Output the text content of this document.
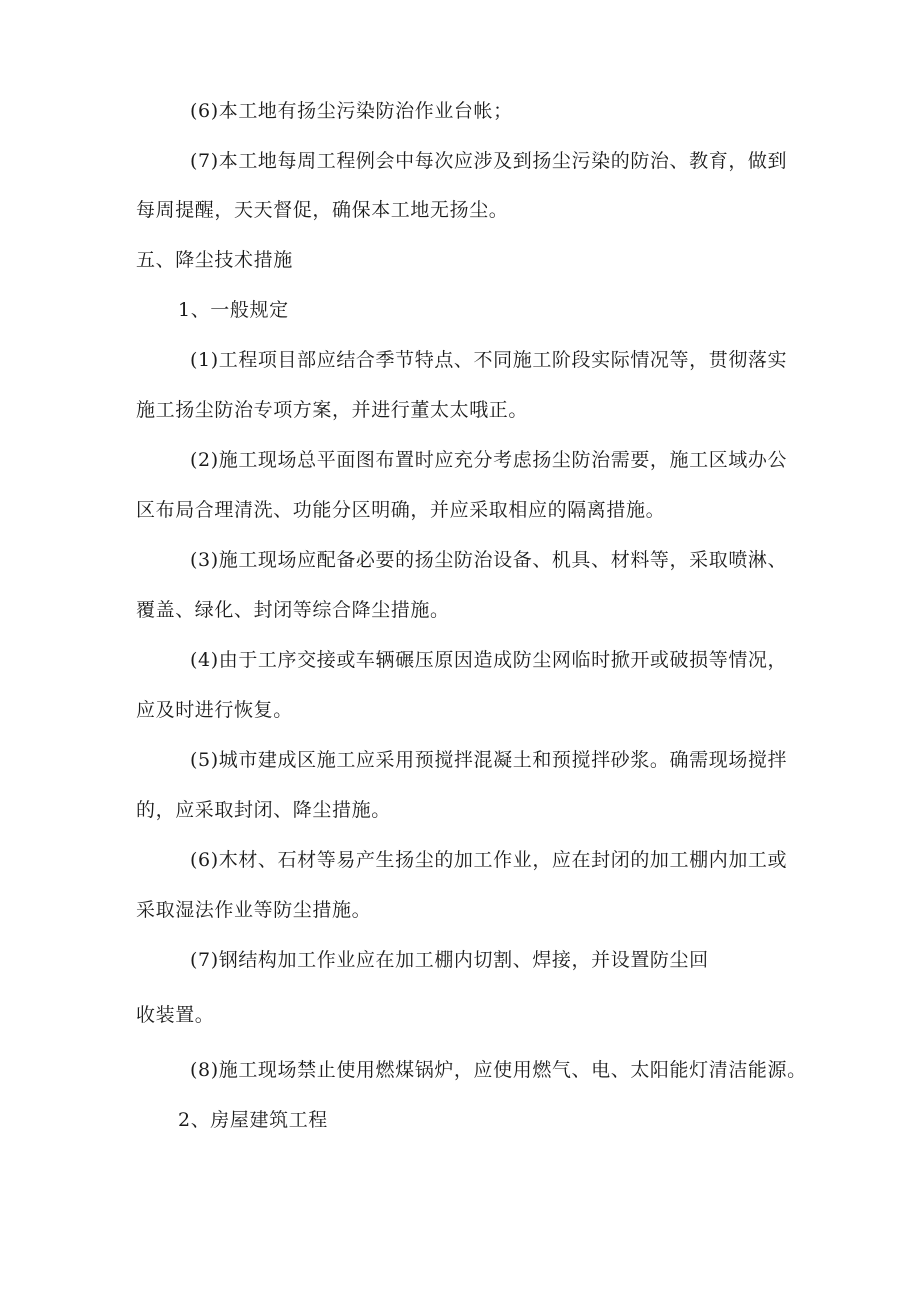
(6)本工地有扬尘污染防治作业台帐；
(7)本工地每周工程例会中每次应涉及到扬尘污染的防治、教育，做到
每周提醒，天天督促，确保本工地无扬尘。
五、降尘技术措施
1、一般规定
(1)工程项目部应结合季节特点、不同施工阶段实际情况等，贯彻落实
施工扬尘防治专项方案，并进行董太太哦正。
(2)施工现场总平面图布置时应充分考虑扬尘防治需要，施工区域办公
区布局合理清洗、功能分区明确，并应采取相应的隔离措施。
(3)施工现场应配备必要的扬尘防治设备、机具、材料等，采取喷淋、
覆盖、绿化、封闭等综合降尘措施。
(4)由于工序交接或车辆碾压原因造成防尘网临时掀开或破损等情况，
应及时进行恢复。
(5)城市建成区施工应采用预搅拌混凝土和预搅拌砂浆。确需现场搅拌
的，应采取封闭、降尘措施。
(6)木材、石材等易产生扬尘的加工作业，应在封闭的加工棚内加工或
采取湿法作业等防尘措施。
(7)钢结构加工作业应在加工棚内切割、焊接，并设置防尘回
收装置。
(8)施工现场禁止使用燃煤锅炉，应使用燃气、电、太阳能灯清洁能源。
2、房屋建筑工程
